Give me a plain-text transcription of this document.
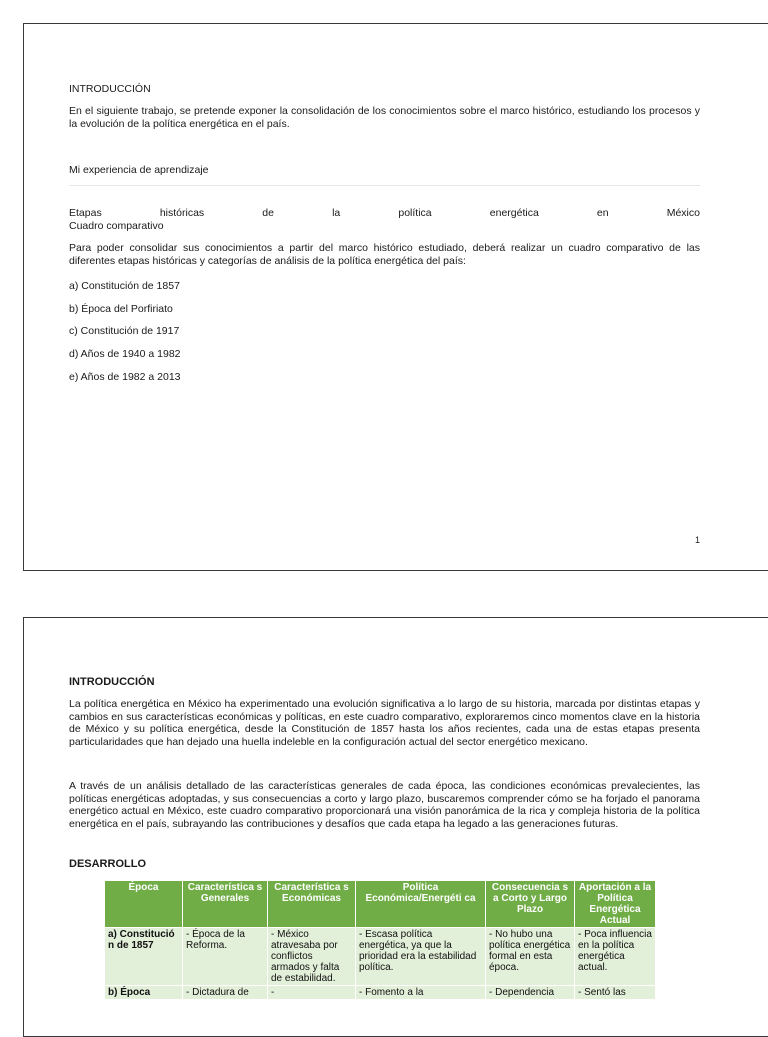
INTRODUCCIÓN
En el siguiente trabajo, se pretende exponer la consolidación de los conocimientos sobre el marco histórico, estudiando los procesos y la evolución de la política energética en el país.
Mi experiencia de aprendizaje
Etapas	históricas	de	la	política	energética	en	México
Cuadro comparativo
Para poder consolidar sus conocimientos a partir del marco histórico estudiado, deberá realizar un cuadro comparativo de las diferentes etapas históricas y categorías de análisis de la política energética del país:
a) Constitución de 1857
b) Época del Porfiriato
c) Constitución de 1917
d) Años de 1940 a 1982
e) Años de 1982 a 2013
1
INTRODUCCIÓN
La política energética en México ha experimentado una evolución significativa a lo largo de su historia, marcada por distintas etapas y cambios en sus características económicas y políticas, en este cuadro comparativo, exploraremos cinco momentos clave en la historia de México y su política energética, desde la Constitución de 1857 hasta los años recientes, cada una de estas etapas presenta particularidades que han dejado una huella indeleble en la configuración actual del sector energético mexicano.
A través de un análisis detallado de las características generales de cada época, las condiciones económicas prevalecientes, las políticas energéticas adoptadas, y sus consecuencias a corto y largo plazo, buscaremos comprender cómo se ha forjado el panorama energético actual en México, este cuadro comparativo proporcionará una visión panorámica de la rica y compleja historia de la política energética en el país, subrayando las contribuciones y desafíos que cada etapa ha legado a las generaciones futuras.
DESARROLLO
Época	Característica s Generales	Característica s Económicas	Política Económica/Energéti ca	Consecuencia s a Corto y Largo Plazo	Aportación a la Política Energética Actual
a) Constitució n de 1857	- Época de la Reforma.	- México atravesaba por conflictos armados y falta de estabilidad.	- Escasa política energética, ya que la prioridad era la estabilidad política.	- No hubo una política energética formal en esta época.	- Poca influencia en la política energética actual.
b) Época	- Dictadura de	-	- Fomento a la	- Dependencia	- Sentó las
